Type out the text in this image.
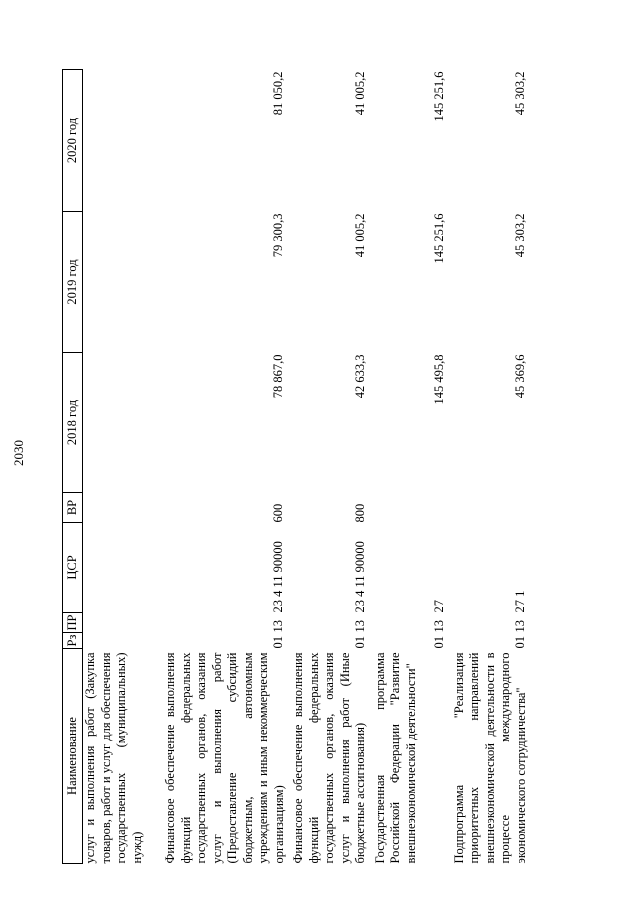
2030
Наименование	Рз	ПР	ЦСР	ВР	2018 год	2019 год	2020 год
услуг и выполнения работ (Закупка товаров, работ и услуг для обеспечения государственных (муниципальных) нужд)							
Финансовое обеспечение выполнения функций федеральных государственных органов, оказания услуг и выполнения работ (Предоставление субсидий бюджетным, автономным учреждениям и иным некоммерческим организациям)	01	13	23 4 11 90000	600	78 867,0	79 300,3	81 050,2
Финансовое обеспечение выполнения функций федеральных государственных органов, оказания услуг и выполнения работ (Иные бюджетные ассигнования)	01	13	23 4 11 90000	800	42 633,3	41 005,2	41 005,2
Государственная программа Российской Федерации "Развитие внешнеэкономической деятельности"	01	13	27		145 495,8	145 251,6	145 251,6
Подпрограмма "Реализация приоритетных направлений внешнеэкономической деятельности в процессе международного экономического сотрудничества"	01	13	27 1		45 369,6	45 303,2	45 303,2
